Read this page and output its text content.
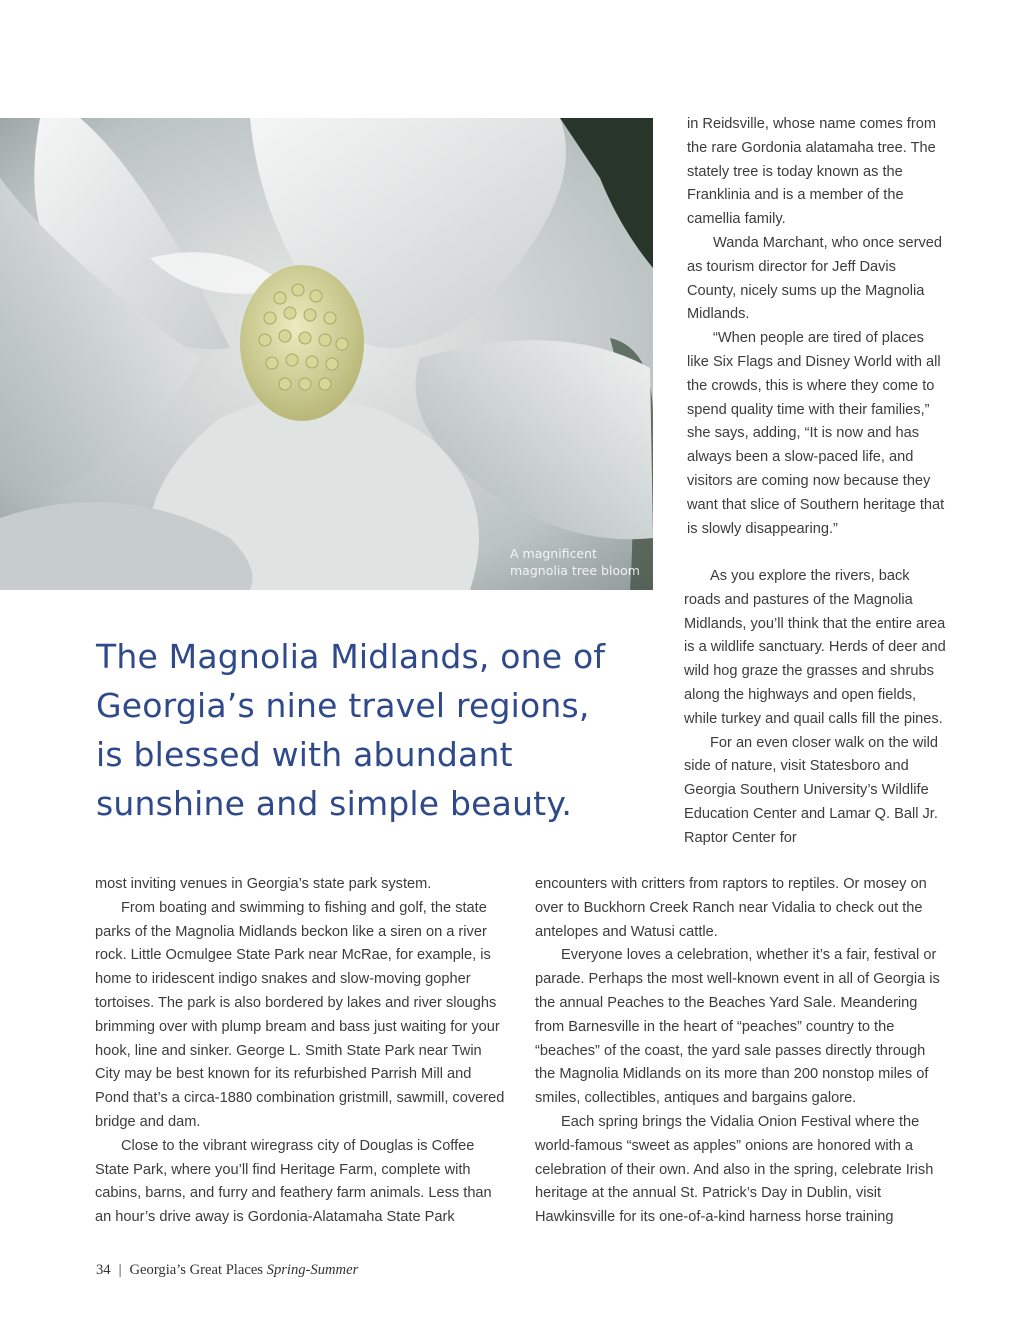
A magnificent magnolia tree bloom
The Magnolia Midlands, one of Georgia’s nine travel regions, is blessed with abundant sunshine and simple beauty.

in Reidsville, whose name comes from the rare Gordonia alatamaha tree. The stately tree is today known as the Franklinia and is a member of the camellia family.

Wanda Marchant, who once served as tourism director for Jeff Davis County, nicely sums up the Magnolia Midlands.

“When people are tired of places like Six Flags and Disney World with all the crowds, this is where they come to spend quality time with their families,” she says, adding, “It is now and has always been a slow-paced life, and visitors are coming now because they want that slice of Southern heritage that is slowly disappearing.”

As you explore the rivers, back roads and pastures of the Magnolia Midlands, you’ll think that the entire area is a wildlife sanctuary. Herds of deer and wild hog graze the grasses and shrubs along the highways and open fields, while turkey and quail calls fill the pines.

For an even closer walk on the wild side of nature, visit Statesboro and Georgia Southern University’s Wildlife Education Center and Lamar Q. Ball Jr. Raptor Center for

most inviting venues in Georgia’s state park system.

From boating and swimming to fishing and golf, the state parks of the Magnolia Midlands beckon like a siren on a river rock. Little Ocmulgee State Park near McRae, for example, is home to iridescent indigo snakes and slow-moving gopher tortoises. The park is also bordered by lakes and river sloughs brimming over with plump bream and bass just waiting for your hook, line and sinker. George L. Smith State Park near Twin City may be best known for its refurbished Parrish Mill and Pond that’s a circa-1880 combination gristmill, sawmill, covered bridge and dam.

Close to the vibrant wiregrass city of Douglas is Coffee State Park, where you’ll find Heritage Farm, complete with cabins, barns, and furry and feathery farm animals. Less than an hour’s drive away is Gordonia-Alatamaha State Park

encounters with critters from raptors to reptiles. Or mosey on over to Buckhorn Creek Ranch near Vidalia to check out the antelopes and Watusi cattle.

Everyone loves a celebration, whether it’s a fair, festival or parade. Perhaps the most well-known event in all of Georgia is the annual Peaches to the Beaches Yard Sale. Meandering from Barnesville in the heart of “peaches” country to the “beaches” of the coast, the yard sale passes directly through the Magnolia Midlands on its more than 200 nonstop miles of smiles, collectibles, antiques and bargains galore.

Each spring brings the Vidalia Onion Festival where the world-famous “sweet as apples” onions are honored with a celebration of their own. And also in the spring, celebrate Irish heritage at the annual St. Patrick’s Day in Dublin, visit Hawkinsville for its one-of-a-kind harness horse training

34 | Georgia’s Great Places Spring-Summer
